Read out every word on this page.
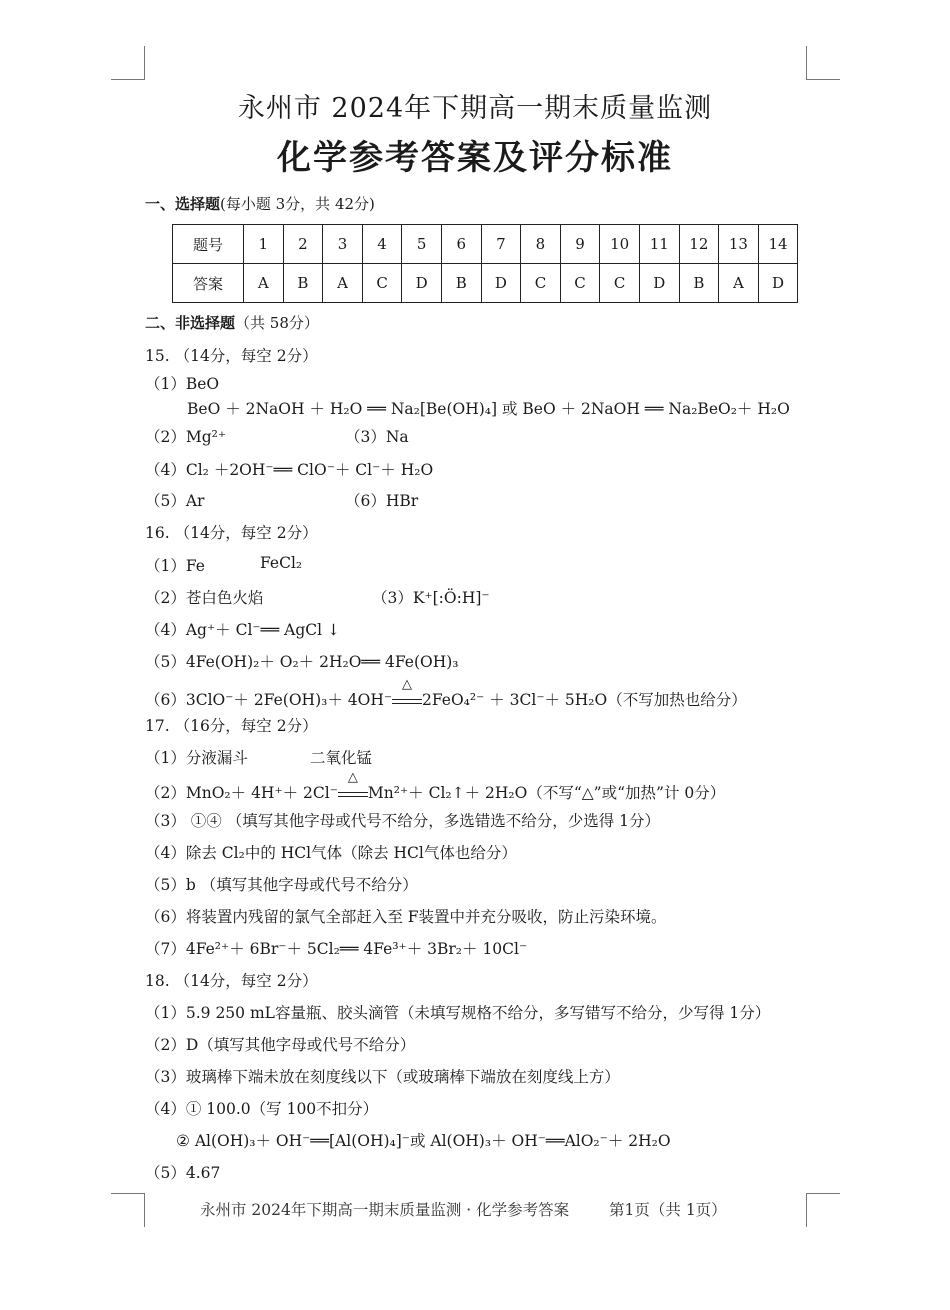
永州市 2024年下期高一期末质量监测
化学参考答案及评分标准
一、选择题(每小题 3分，共 42分)
题号	1	2	3	4	5	6	7	8	9	10	11	12	13	14
答案	A	B	A	C	D	B	D	C	C	C	D	B	A	D
二、非选择题（共 58分）
15. （14分，每空 2分）
（1）BeO
BeO ＋ 2NaOH ＋ H₂O ══ Na₂[Be(OH)₄] 或 BeO ＋ 2NaOH ══ Na₂BeO₂＋ H₂O
（2）Mg²⁺	（3）Na
（4）Cl₂ ＋2OH⁻══ ClO⁻＋ Cl⁻＋ H₂O
（5）Ar	（6）HBr
16. （14分，每空 2分）
（1）Fe	FeCl₂
（2）苍白色火焰	（3）K⁺[:Ö:H]⁻
（4）Ag⁺＋ Cl⁻══ AgCl ↓
（5）4Fe(OH)₂＋ O₂＋ 2H₂O══ 4Fe(OH)₃
（6）3ClO⁻＋ 2Fe(OH)₃＋ 4OH⁻
△
2FeO₄²⁻ ＋ 3Cl⁻＋ 5H₂O（不写加热也给分）
17. （16分，每空 2分）
（1）分液漏斗	二氧化锰
（2）MnO₂＋ 4H⁺＋ 2Cl⁻
△
Mn²⁺＋ Cl₂↑＋ 2H₂O（不写“△”或“加热”计 0分）
（3） ①④ （填写其他字母或代号不给分，多选错选不给分，少选得 1分）
（4）除去 Cl₂中的 HCl气体（除去 HCl气体也给分）
（5）b （填写其他字母或代号不给分）
（6）将装置内残留的氯气全部赶入至 F装置中并充分吸收，防止污染环境。
（7）4Fe²⁺＋ 6Br⁻＋ 5Cl₂══ 4Fe³⁺＋ 3Br₂＋ 10Cl⁻
18. （14分，每空 2分）
（1）5.9 250 mL容量瓶、胶头滴管（未填写规格不给分，多写错写不给分，少写得 1分）
（2）D（填写其他字母或代号不给分）
（3）玻璃棒下端未放在刻度线以下（或玻璃棒下端放在刻度线上方）
（4）① 100.0（写 100不扣分）
② Al(OH)₃＋ OH⁻══[Al(OH)₄]⁻或 Al(OH)₃＋ OH⁻══AlO₂⁻＋ 2H₂O
（5）4.67
永州市 2024年下期高一期末质量监测 · 化学参考答案	第1页（共 1页）
